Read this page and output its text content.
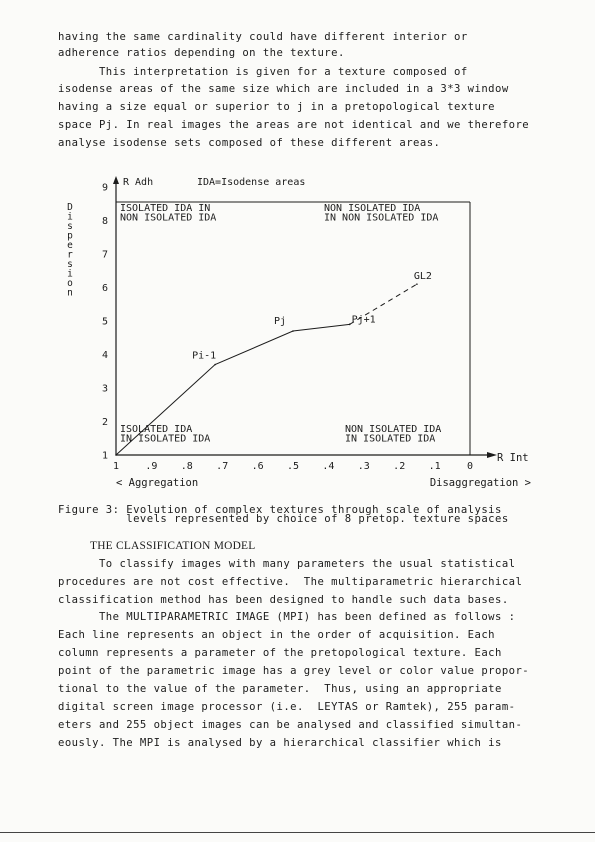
having the same cardinality could have different interior or
adherence ratios depending on the texture.
This interpretation is given for a texture composed of
isodense areas of the same size which are included in a 3*3 window
having a size equal or superior to j in a pretopological texture
space Pj. In real images the areas are not identical and we therefore
analyse isodense sets composed of these different areas.
1
2
3
4
5
6
7
8
9
1	.9 .8 .7 .6 .5 .4 .3 .2 .1	0
R Adh	IDA=Isodense areas
R Int
< Aggregation	Disaggregation >
D
i
s
p
e
r
s
i
o
n
ISOLATED IDA IN
NON ISOLATED IDA
NON ISOLATED IDA
IN NON ISOLATED IDA
ISOLATED IDA
IN ISOLATED IDA
NON ISOLATED IDA
IN ISOLATED IDA
Pi-1
Pj	Pj+1
GL2
Figure 3: Evolution of complex textures through scale of analysis
levels represented by choice of 8 pretop. texture spaces
THE CLASSIFICATION MODEL
To classify images with many parameters the usual statistical
procedures are not cost effective.  The multiparametric hierarchical
classification method has been designed to handle such data bases.
The MULTIPARAMETRIC IMAGE (MPI) has been defined as follows :
Each line represents an object in the order of acquisition. Each
column represents a parameter of the pretopological texture. Each
point of the parametric image has a grey level or color value propor-
tional to the value of the parameter.  Thus, using an appropriate
digital screen image processor (i.e.  LEYTAS or Ramtek), 255 param-
eters and 255 object images can be analysed and classified simultan-
eously. The MPI is analysed by a hierarchical classifier which is
